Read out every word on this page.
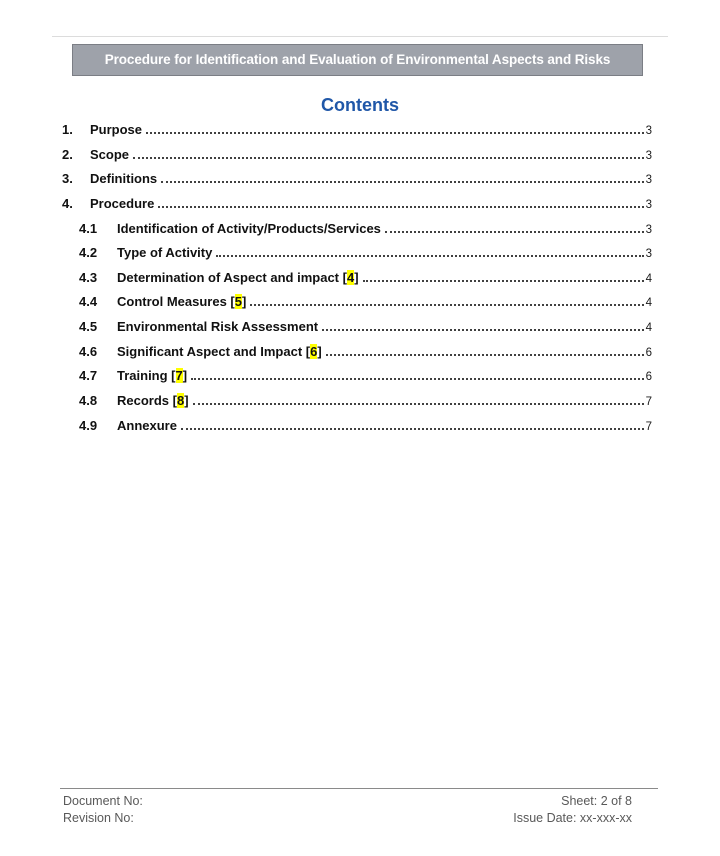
Procedure for Identification and Evaluation of Environmental Aspects and Risks
Contents
1.	Purpose	3
2.	Scope	3
3.	Definitions	3
4.	Procedure	3
4.1	Identification of Activity/Products/Services	3
4.2	Type of Activity	3
4.3	Determination of Aspect and impact [4]	4
4.4	Control Measures [5]	4
4.5	Environmental Risk Assessment	4
4.6	Significant Aspect and Impact [6]	6
4.7	Training [7]	6
4.8	Records [8]	7
4.9	Annexure	7
Document No:
Revision No:
Sheet: 2 of 8
Issue Date: xx-xxx-xx
